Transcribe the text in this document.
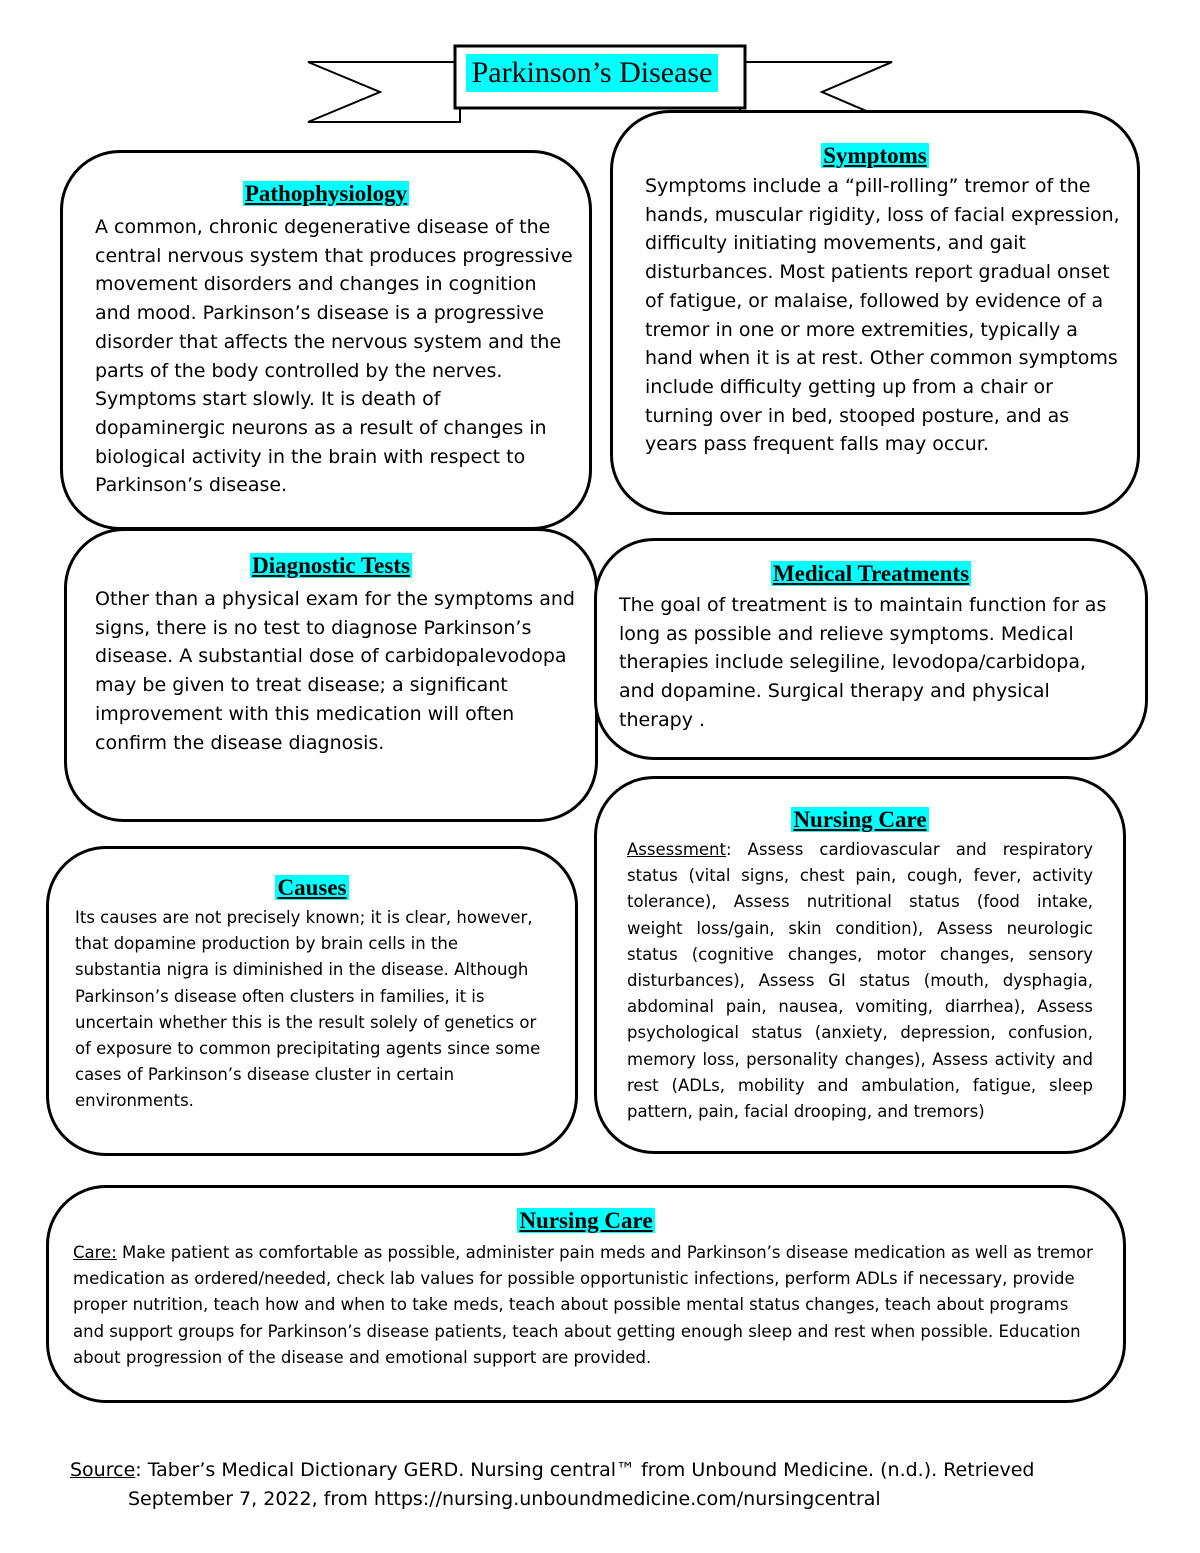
Parkinson’s Disease
Pathophysiology
A common, chronic degenerative disease of the central nervous system that produces progressive movement disorders and changes in cognition and mood. Parkinson’s disease is a progressive disorder that affects the nervous system and the parts of the body controlled by the nerves. Symptoms start slowly. It is death of dopaminergic neurons as a result of changes in biological activity in the brain with respect to Parkinson’s disease.
Symptoms
Symptoms include a “pill-rolling” tremor of the hands, muscular rigidity, loss of facial expression, difficulty initiating movements, and gait disturbances. Most patients report gradual onset of fatigue, or malaise, followed by evidence of a tremor in one or more extremities, typically a hand when it is at rest. Other common symptoms include difficulty getting up from a chair or turning over in bed, stooped posture, and as years pass frequent falls may occur.
Diagnostic Tests
Other than a physical exam for the symptoms and signs, there is no test to diagnose Parkinson’s disease. A substantial dose of carbidopalevodopa may be given to treat disease; a significant improvement with this medication will often confirm the disease diagnosis.
Medical Treatments
The goal of treatment is to maintain function for as long as possible and relieve symptoms. Medical therapies include selegiline, levodopa/carbidopa, and dopamine. Surgical therapy and physical therapy .
Causes
Its causes are not precisely known; it is clear, however, that dopamine production by brain cells in the substantia nigra is diminished in the disease. Although Parkinson’s disease often clusters in families, it is uncertain whether this is the result solely of genetics or of exposure to common precipitating agents since some cases of Parkinson’s disease cluster in certain environments.
Nursing Care
Assessment: Assess cardiovascular and respiratory status (vital signs, chest pain, cough, fever, activity tolerance), Assess nutritional status (food intake, weight loss/gain, skin condition), Assess neurologic status (cognitive changes, motor changes, sensory disturbances), Assess GI status (mouth, dysphagia, abdominal pain, nausea, vomiting, diarrhea), Assess psychological status (anxiety, depression, confusion, memory loss, personality changes), Assess activity and rest (ADLs, mobility and ambulation, fatigue, sleep pattern, pain, facial drooping, and tremors)
Nursing Care
Care: Make patient as comfortable as possible, administer pain meds and Parkinson’s disease medication as well as tremor medication as ordered/needed, check lab values for possible opportunistic infections, perform ADLs if necessary, provide proper nutrition, teach how and when to take meds, teach about possible mental status changes, teach about programs and support groups for Parkinson’s disease patients, teach about getting enough sleep and rest when possible. Education about progression of the disease and emotional support are provided.
Source: Taber’s Medical Dictionary GERD. Nursing central™ from Unbound Medicine. (n.d.). Retrieved
September 7, 2022, from https://nursing.unboundmedicine.com/nursingcentral
